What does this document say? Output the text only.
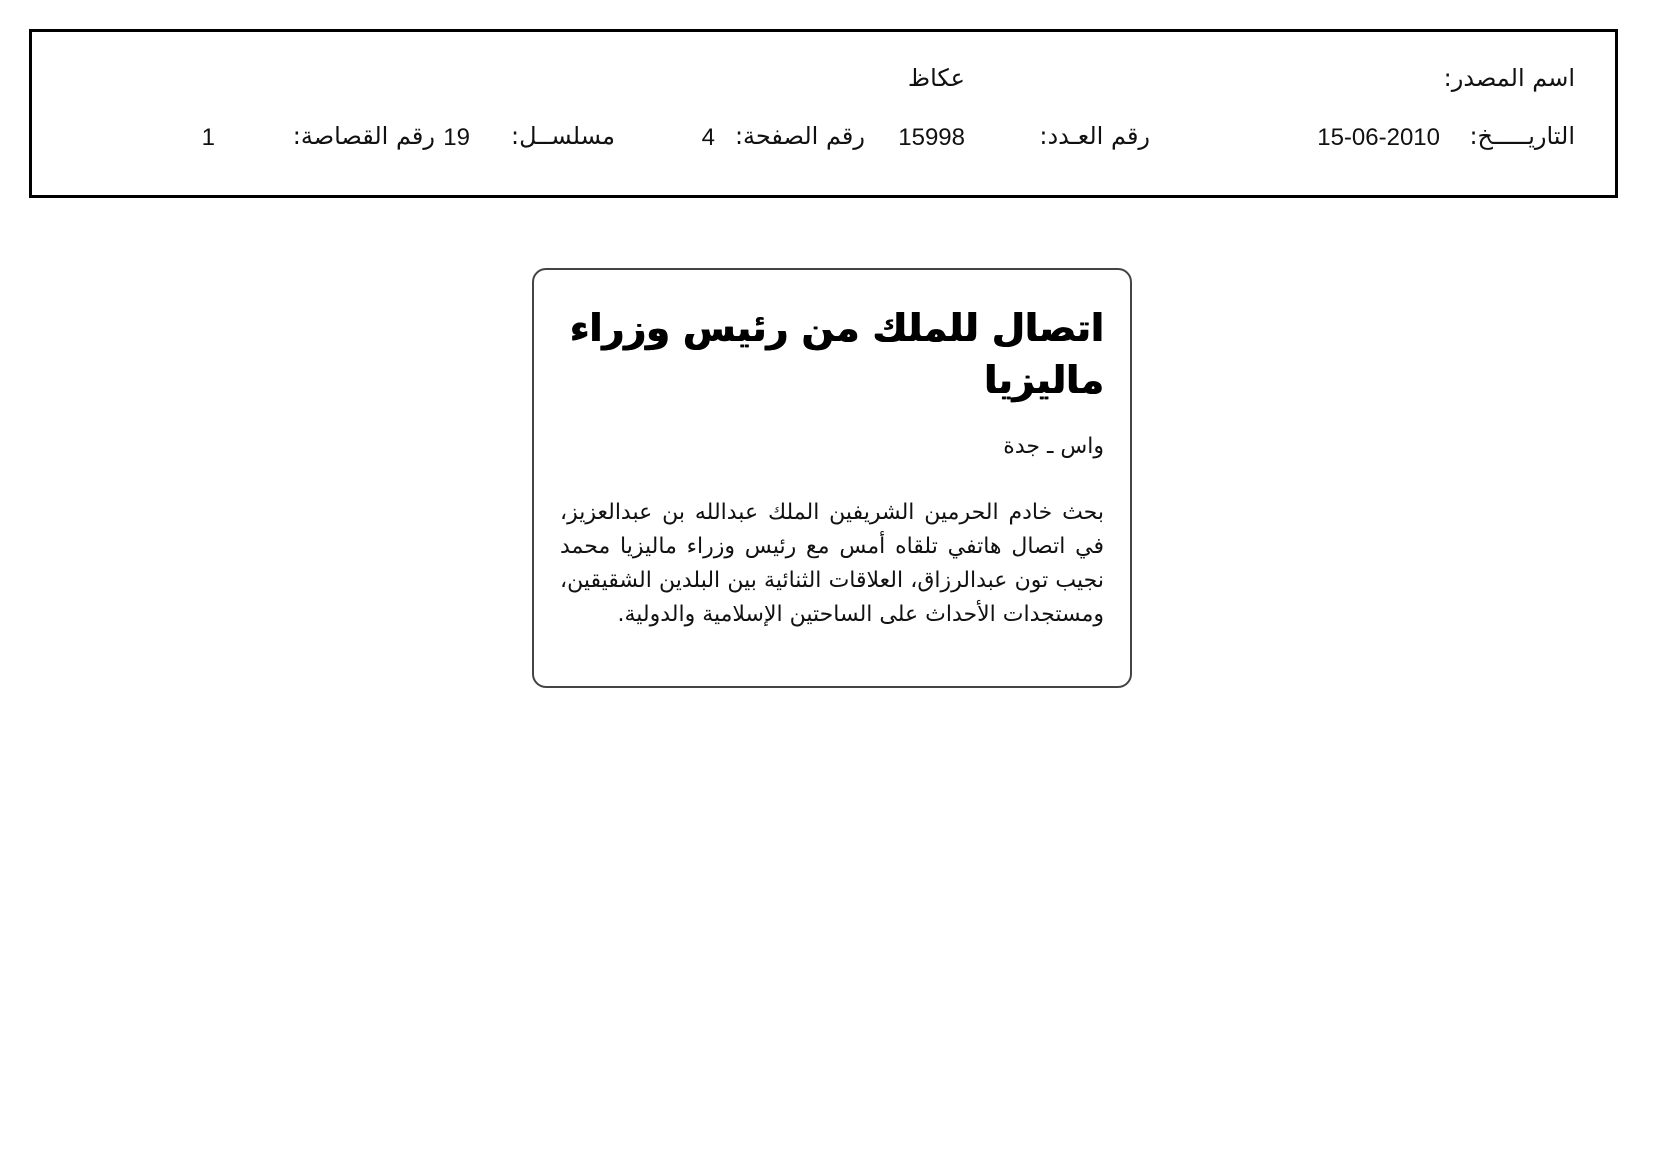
اسم المصدر:
عكاظ
التاريـــــخ:
15-06-2010
رقم العـدد:
15998
رقم الصفحة:
4
مسلســل:
19
رقم القصاصة:
1
اتصال للملك من رئيس وزراء ماليزيا
واس ـ جدة
بحث خادم الحرمين الشريفين الملك عبدالله بن عبدالعزيز، في اتصال هاتفي تلقاه أمس مع رئيس وزراء ماليزيا محمد نجيب تون عبدالرزاق، العلاقات الثنائية بين البلدين الشقيقين، ومستجدات الأحداث على الساحتين الإسلامية والدولية.
